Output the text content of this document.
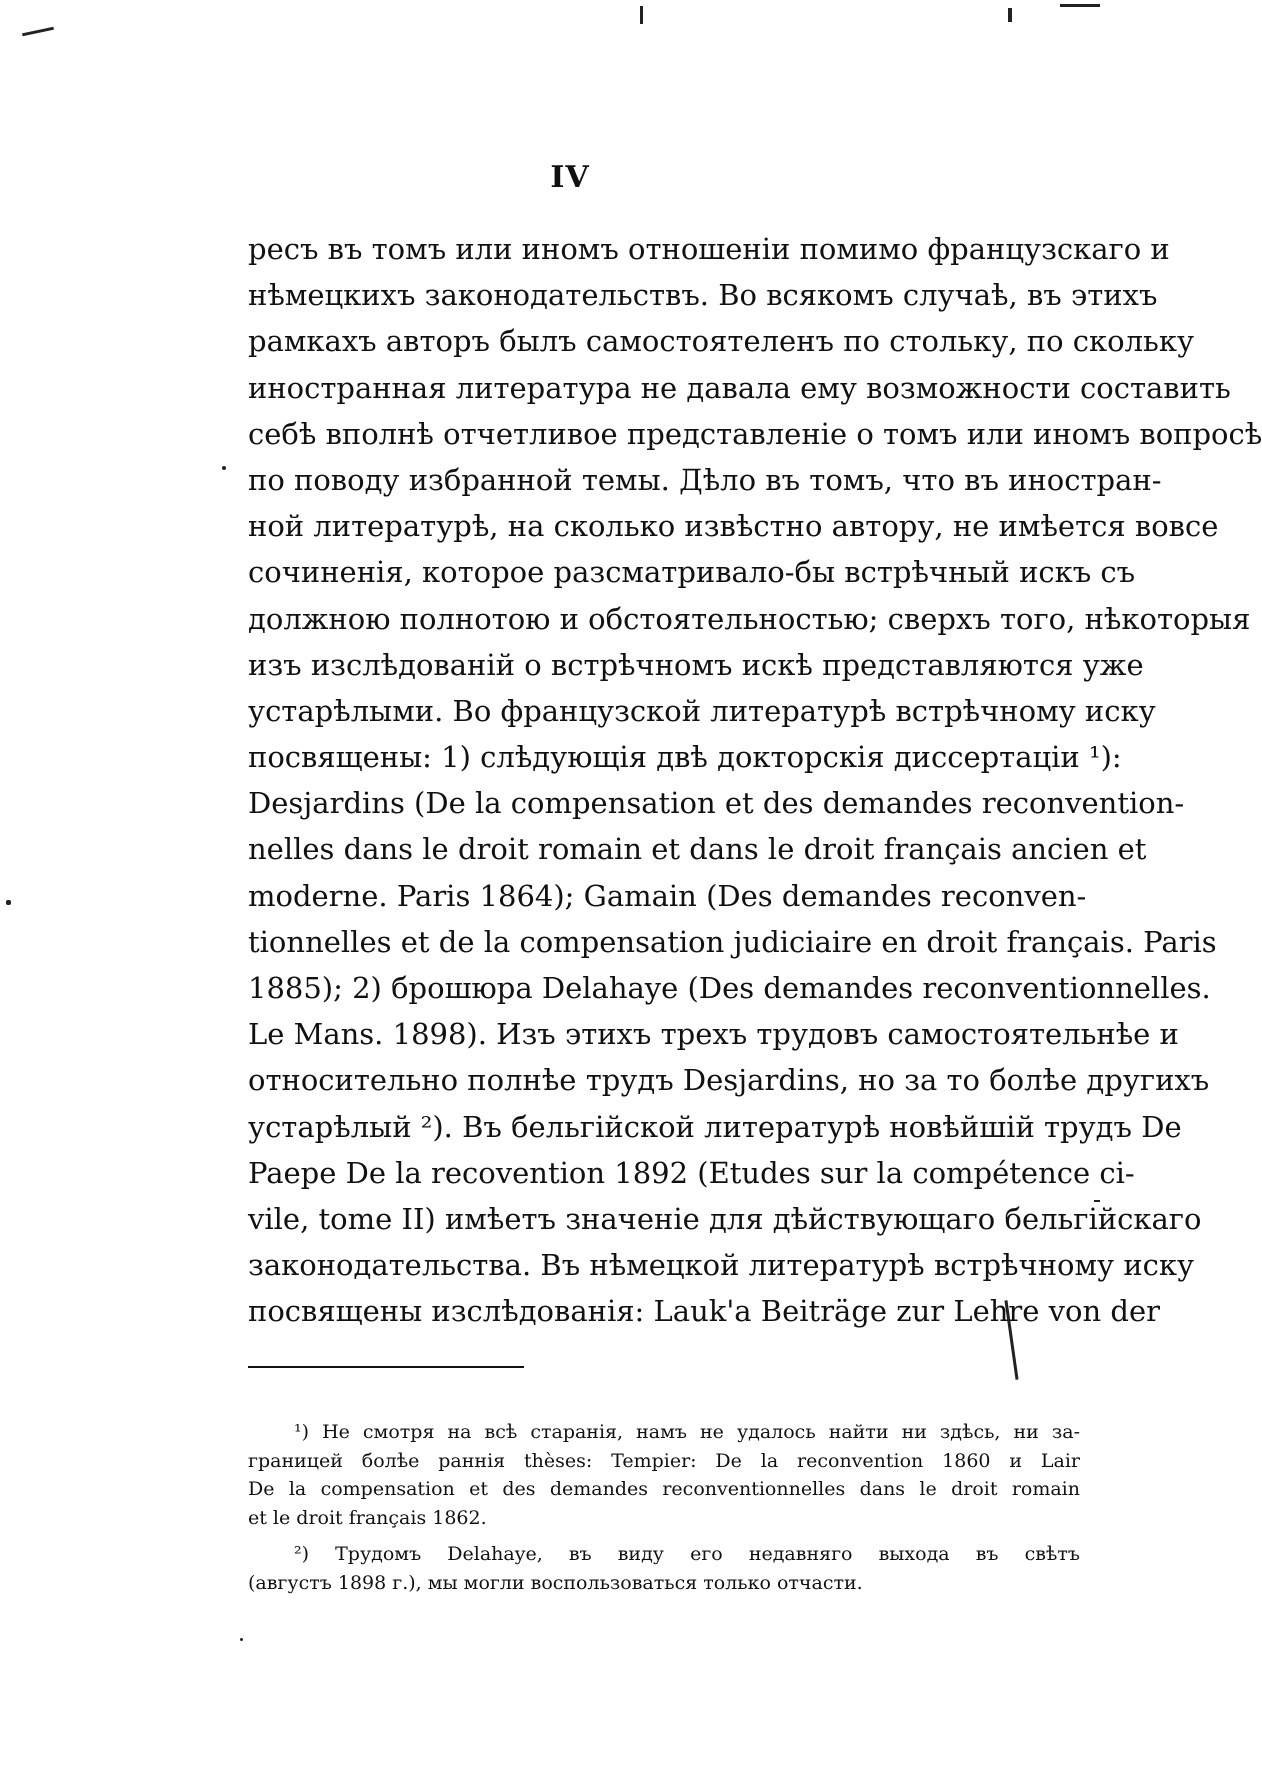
IV
ресъ въ томъ или иномъ отношеніи помимо французскаго и
нѣмецкихъ законодательствъ. Во всякомъ случаѣ, въ этихъ
рамкахъ авторъ былъ самостоятеленъ по стольку, по скольку
иностранная литература не давала ему возможности составить
себѣ вполнѣ отчетливое представленіе о томъ или иномъ вопросѣ
по поводу избранной темы. Дѣло въ томъ, что въ иностран-
ной литературѣ, на сколько извѣстно автору, не имѣется вовсе
сочиненія, которое разсматривало-бы встрѣчный искъ съ
должною полнотою и обстоятельностью; сверхъ того, нѣкоторыя
изъ изслѣдованій о встрѣчномъ искѣ представляются уже
устарѣлыми. Во французской литературѣ встрѣчному иску
посвящены: 1) слѣдующія двѣ докторскія диссертаціи ¹):
Desjardins (De la compensation et des demandes reconvention-
nelles dans le droit romain et dans le droit français ancien et
moderne. Paris 1864); Gamain (Des demandes reconven-
tionnelles et de la compensation judiciaire en droit français. Paris
1885); 2) брошюра Delahaye (Des demandes reconventionnelles.
Le Mans. 1898). Изъ этихъ трехъ трудовъ самостоятельнѣе и
относительно полнѣе трудъ Desjardins, но за то болѣе другихъ
устарѣлый ²). Въ бельгійской литературѣ новѣйшій трудъ De
Paepe De la recovention 1892 (Etudes sur la compétence ci-
vile, tome II) имѣетъ значеніе для дѣйствующаго бельгійскаго
законодательства. Въ нѣмецкой литературѣ встрѣчному иску
посвящены изслѣдованія: Lauk'a Beiträge zur Lehre von der
¹) Не смотря на всѣ старанія, намъ не удалось найти ни здѣсь, ни за-
границей болѣе раннія thèses: Tempier: De la reconvention 1860 и Lair
De la compensation et des demandes reconventionnelles dans le droit romain
et le droit français 1862.
²) Трудомъ Delahaye, въ виду его недавняго выхода въ свѣтъ
(августъ 1898 г.), мы могли воспользоваться только отчасти.
